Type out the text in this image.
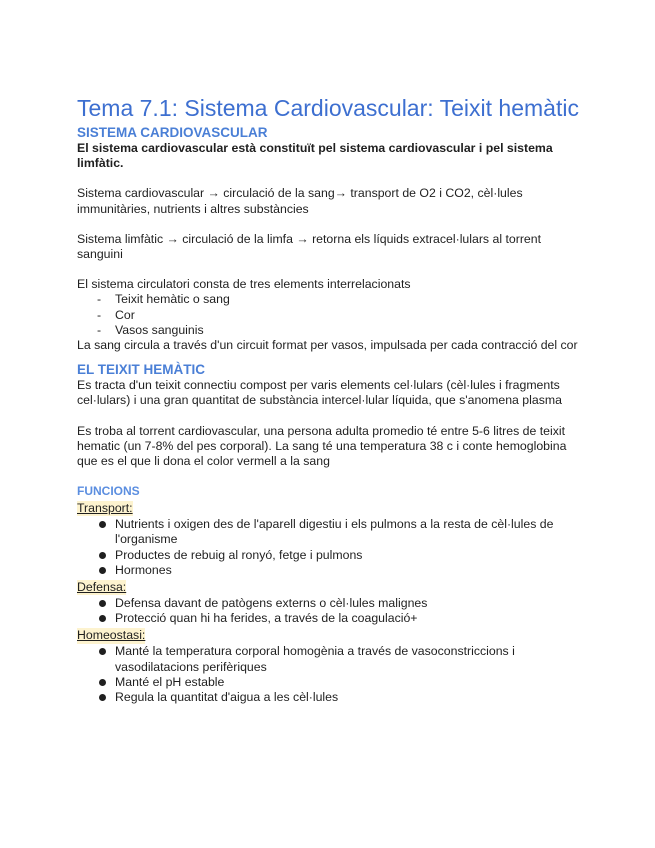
Tema 7.1: Sistema Cardiovascular: Teixit hemàtic
SISTEMA CARDIOVASCULAR

El sistema cardiovascular està constituït pel sistema cardiovascular i pel sistema limfàtic.

Sistema cardiovascular → circulació de la sang→ transport de O2 i CO2, cèl·lules immunitàries, nutrients i altres substàncies

Sistema limfàtic → circulació de la limfa → retorna els líquids extracel·lulars al torrent sanguini

El sistema circulatori consta de tres elements interrelacionats

- Teixit hemàtic o sang
- Cor
- Vasos sanguinis

La sang circula a través d'un circuit format per vasos, impulsada per cada contracció del cor

EL TEIXIT HEMÀTIC

Es tracta d'un teixit connectiu compost per varis elements cel·lulars (cèl·lules i fragments cel·lulars) i una gran quantitat de substància intercel·lular líquida, que s'anomena plasma

Es troba al torrent cardiovascular, una persona adulta promedio té entre 5-6 litres de teixit hematic (un 7-8% del pes corporal). La sang té una temperatura 38 c i conte hemoglobina que es el que li dona el color vermell a la sang

FUNCIONS
Transport:
Nutrients i oxigen des de l'aparell digestiu i els pulmons a la resta de cèl·lules de l'organisme
Productes de rebuig al ronyó, fetge i pulmons
Hormones
Defensa:
Defensa davant de patògens externs o cèl·lules malignes
Protecció quan hi ha ferides, a través de la coagulació+
Homeostasi:
Manté la temperatura corporal homogènia a través de vasoconstriccions i vasodilatacions perifèriques
Manté el pH estable
Regula la quantitat d'aigua a les cèl·lules
